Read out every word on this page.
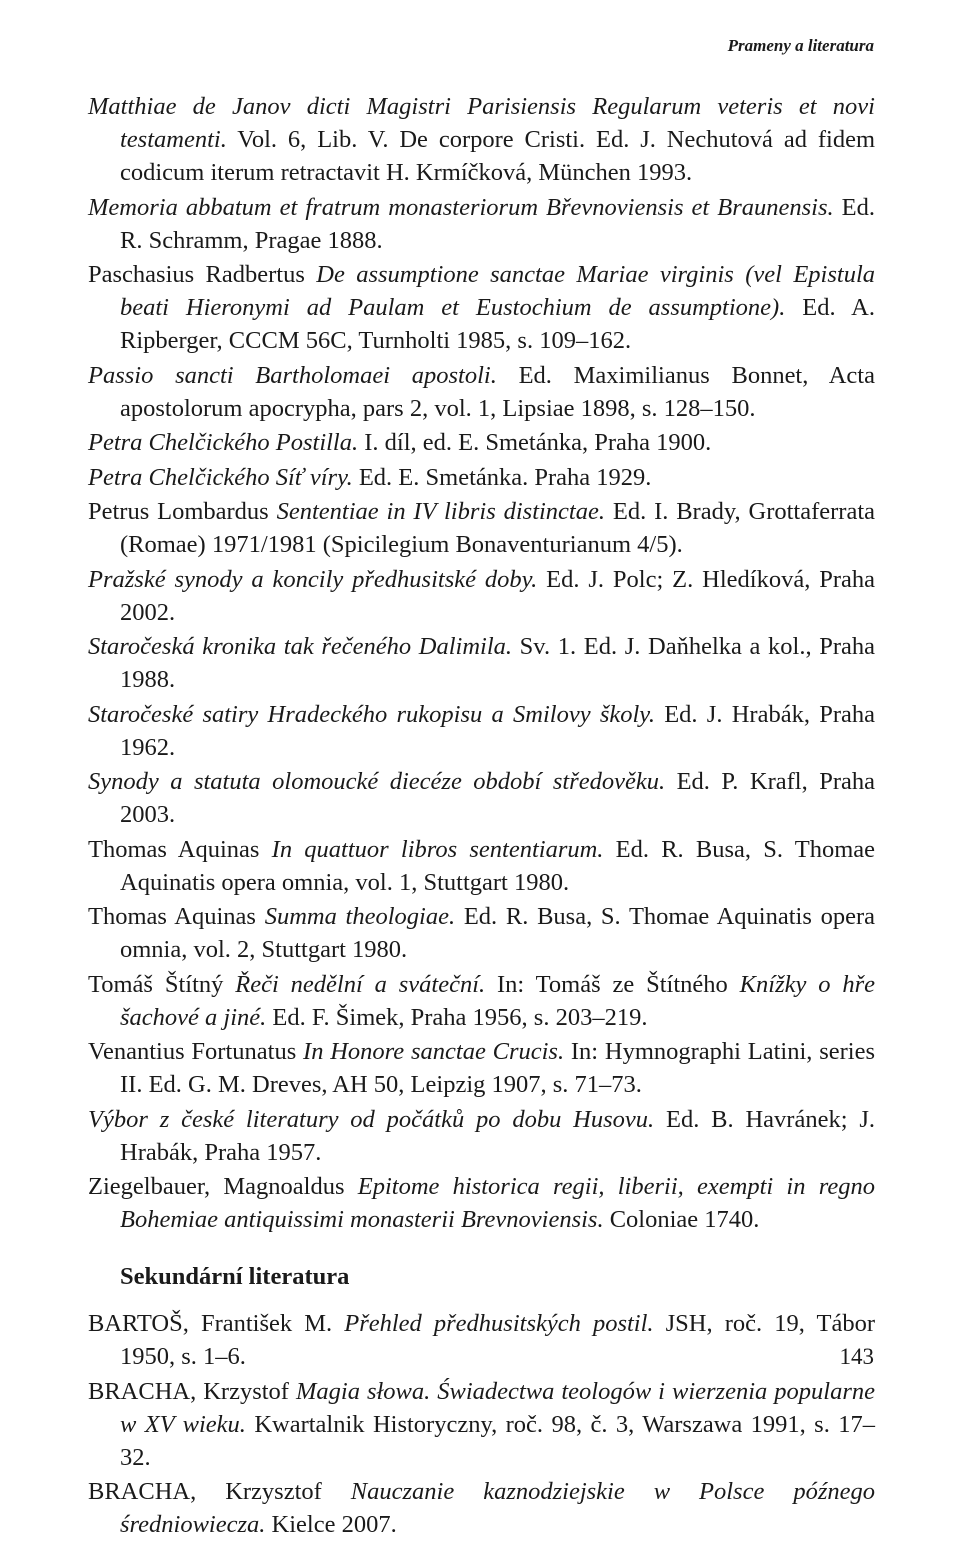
Prameny a literatura

Matthiae de Janov dicti Magistri Parisiensis Regularum veteris et novi testamenti. Vol. 6, Lib. V. De corpore Cristi. Ed. J. Nechutová ad fidem codicum iterum retractavit H. Krmíčková, München 1993.

Memoria abbatum et fratrum monasteriorum Břevnoviensis et Braunensis. Ed. R. Schramm, Pragae 1888.

Paschasius Radbertus De assumptione sanctae Mariae virginis (vel Epistula beati Hieronymi ad Paulam et Eustochium de assumptione). Ed. A. Ripberger, CCCM 56C, Turnholti 1985, s. 109–162.

Passio sancti Bartholomaei apostoli. Ed. Maximilianus Bonnet, Acta apostolorum apocrypha, pars 2, vol. 1, Lipsiae 1898, s. 128–150.

Petra Chelčického Postilla. I. díl, ed. E. Smetánka, Praha 1900.

Petra Chelčického Síť víry. Ed. E. Smetánka. Praha 1929.

Petrus Lombardus Sententiae in IV libris distinctae. Ed. I. Brady, Grottaferrata (Romae) 1971/1981 (Spicilegium Bonaventurianum 4/5).

Pražské synody a koncily předhusitské doby. Ed. J. Polc; Z. Hledíková, Praha 2002.

Staročeská kronika tak řečeného Dalimila. Sv. 1. Ed. J. Daňhelka a kol., Praha 1988.

Staročeské satiry Hradeckého rukopisu a Smilovy školy. Ed. J. Hrabák, Praha 1962.

Synody a statuta olomoucké diecéze období středověku. Ed. P. Krafl, Praha 2003.

Thomas Aquinas In quattuor libros sententiarum. Ed. R. Busa, S. Thomae Aquinatis opera omnia, vol. 1, Stuttgart 1980.

Thomas Aquinas Summa theologiae. Ed. R. Busa, S. Thomae Aquinatis opera omnia, vol. 2, Stuttgart 1980.

Tomáš Štítný Řeči nedělní a sváteční. In: Tomáš ze Štítného Knížky o hře šachové a jiné. Ed. F. Šimek, Praha 1956, s. 203–219.

Venantius Fortunatus In Honore sanctae Crucis. In: Hymnographi Latini, series II. Ed. G. M. Dreves, AH 50, Leipzig 1907, s. 71–73.

Výbor z české literatury od počátků po dobu Husovu. Ed. B. Havránek; J. Hrabák, Praha 1957.

Ziegelbauer, Magnoaldus Epitome historica regii, liberii, exempti in regno Bohemiae antiquissimi monasterii Brevnoviensis. Coloniae 1740.

Sekundární literatura

BARTOŠ, František M. Přehled předhusitských postil. JSH, roč. 19, Tábor 1950, s. 1–6.

BRACHA, Krzystof Magia słowa. Świadectwa teologów i wierzenia popularne w XV wieku. Kwartalnik Historyczny, roč. 98, č. 3, Warszawa 1991, s. 17–32.

BRACHA, Krzysztof Nauczanie kaznodziejskie w Polsce późnego średniowiecza. Kielce 2007.

143
